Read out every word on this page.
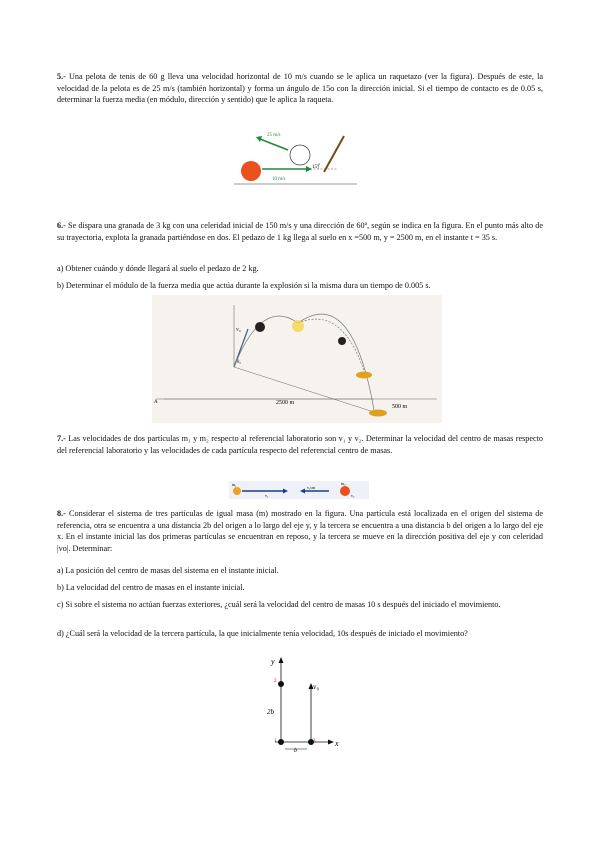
5.- Una pelota de tenis de 60 g lleva una velocidad horizontal de 10 m/s cuando se le aplica un raquetazo (ver la figura). Después de este, la velocidad de la pelota es de 25 m/s (también horizontal) y forma un ángulo de 15o con la dirección inicial. Si el tiempo de contacto es de 0.05 s, determinar la fuerza media (en módulo, dirección y sentido) que le aplica la raqueta.

10 m/s
25 m/s
15°

6.- Se dispara una granada de 3 kg con una celeridad inicial de 150 m/s y una dirección de 60º, según se indica en la figura. En el punto más alto de su trayectoria, explota la granada partiéndose en dos. El pedazo de 1 kg llega al suelo en x =500 m, y = 2500 m, en el instante t = 35 s.

a) Obtener cuándo y dónde llegará al suelo el pedazo de 2 kg.

b) Determinar el módulo de la fuerza media que actúa durante la explosión si la misma dura un tiempo de 0.005 s.

A
v₀
θ₀
2500 m
500 m

7.- Las velocidades de dos partículas m₁ y m₂ respecto al referencial laboratorio son v₁ y v₂. Determinar la velocidad del centro de masas respecto del referencial laboratorio y las velocidades de cada partícula respecto del referencial centro de masas.

m₁
v₁
v₁cm
m₂
v₂

8.- Considerar el sistema de tres partículas de igual masa (m) mostrado en la figura. Una partícula está localizada en el origen del sistema de referencia, otra se encuentra a una distancia 2b del origen a lo largo del eje y, y la tercera se encuentra a una distancia b del origen a lo largo del eje x. En el instante inicial las dos primeras partículas se encuentran en reposo, y la tercera se mueve en la dirección positiva del eje y con celeridad |vo|. Determinar:

a) La posición del centro de masas del sistema en el instante inicial.

b) La velocidad del centro de masas en el instante inicial.

c) Si sobre el sistema no actúan fuerzas exteriores, ¿cuál será la velocidad del centro de masas 10 s después del iniciado el movimiento.

d) ¿Cuál será la velocidad de la tercera partícula, la que inicialmente tenía velocidad, 10s después de iniciado el movimiento?

y
x
2
1	3
v₀
2b
b
